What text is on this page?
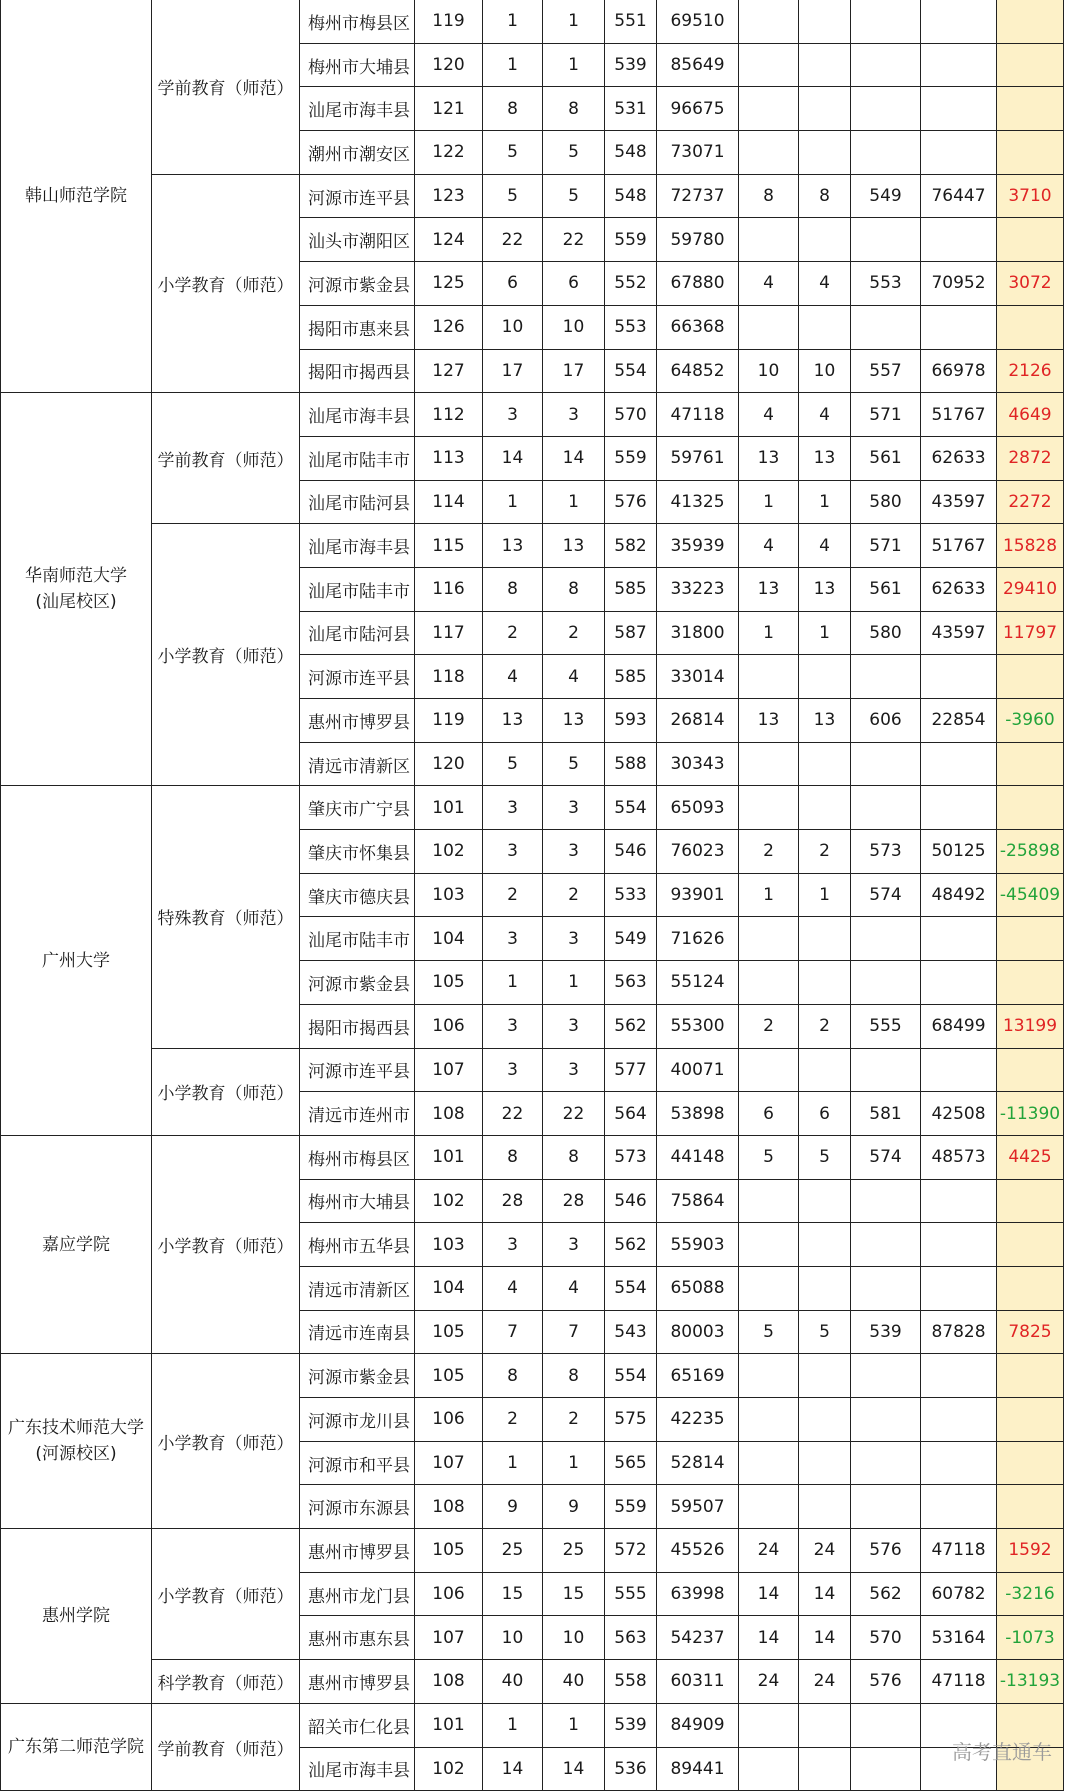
韩山师范学院	学前教育（师范）	梅州市梅县区	119	1	1	551	69510					
		梅州市大埔县	120	1	1	539	85649					
		汕尾市海丰县	121	8	8	531	96675					
		潮州市潮安区	122	5	5	548	73071					
	小学教育（师范）	河源市连平县	123	5	5	548	72737	8	8	549	76447	3710
		汕头市潮阳区	124	22	22	559	59780					
		河源市紫金县	125	6	6	552	67880	4	4	553	70952	3072
		揭阳市惠来县	126	10	10	553	66368					
		揭阳市揭西县	127	17	17	554	64852	10	10	557	66978	2126
华南师范大学
(汕尾校区)	学前教育（师范）	汕尾市海丰县	112	3	3	570	47118	4	4	571	51767	4649
		汕尾市陆丰市	113	14	14	559	59761	13	13	561	62633	2872
		汕尾市陆河县	114	1	1	576	41325	1	1	580	43597	2272
	小学教育（师范）	汕尾市海丰县	115	13	13	582	35939	4	4	571	51767	15828
		汕尾市陆丰市	116	8	8	585	33223	13	13	561	62633	29410
		汕尾市陆河县	117	2	2	587	31800	1	1	580	43597	11797
		河源市连平县	118	4	4	585	33014					
		惠州市博罗县	119	13	13	593	26814	13	13	606	22854	-3960
		清远市清新区	120	5	5	588	30343					
广州大学	特殊教育（师范）	肇庆市广宁县	101	3	3	554	65093					
		肇庆市怀集县	102	3	3	546	76023	2	2	573	50125	-25898
		肇庆市德庆县	103	2	2	533	93901	1	1	574	48492	-45409
		汕尾市陆丰市	104	3	3	549	71626					
		河源市紫金县	105	1	1	563	55124					
		揭阳市揭西县	106	3	3	562	55300	2	2	555	68499	13199
	小学教育（师范）	河源市连平县	107	3	3	577	40071					
		清远市连州市	108	22	22	564	53898	6	6	581	42508	-11390
嘉应学院	小学教育（师范）	梅州市梅县区	101	8	8	573	44148	5	5	574	48573	4425
		梅州市大埔县	102	28	28	546	75864					
		梅州市五华县	103	3	3	562	55903					
		清远市清新区	104	4	4	554	65088					
		清远市连南县	105	7	7	543	80003	5	5	539	87828	7825
广东技术师范大学
(河源校区)	小学教育（师范）	河源市紫金县	105	8	8	554	65169					
		河源市龙川县	106	2	2	575	42235					
		河源市和平县	107	1	1	565	52814					
		河源市东源县	108	9	9	559	59507					
惠州学院	小学教育（师范）	惠州市博罗县	105	25	25	572	45526	24	24	576	47118	1592
		惠州市龙门县	106	15	15	555	63998	14	14	562	60782	-3216
		惠州市惠东县	107	10	10	563	54237	14	14	570	53164	-1073
	科学教育（师范）	惠州市博罗县	108	40	40	558	60311	24	24	576	47118	-13193
广东第二师范学院	学前教育（师范）	韶关市仁化县	101	1	1	539	84909					
		汕尾市海丰县	102	14	14	536	89441					
高考直通车
